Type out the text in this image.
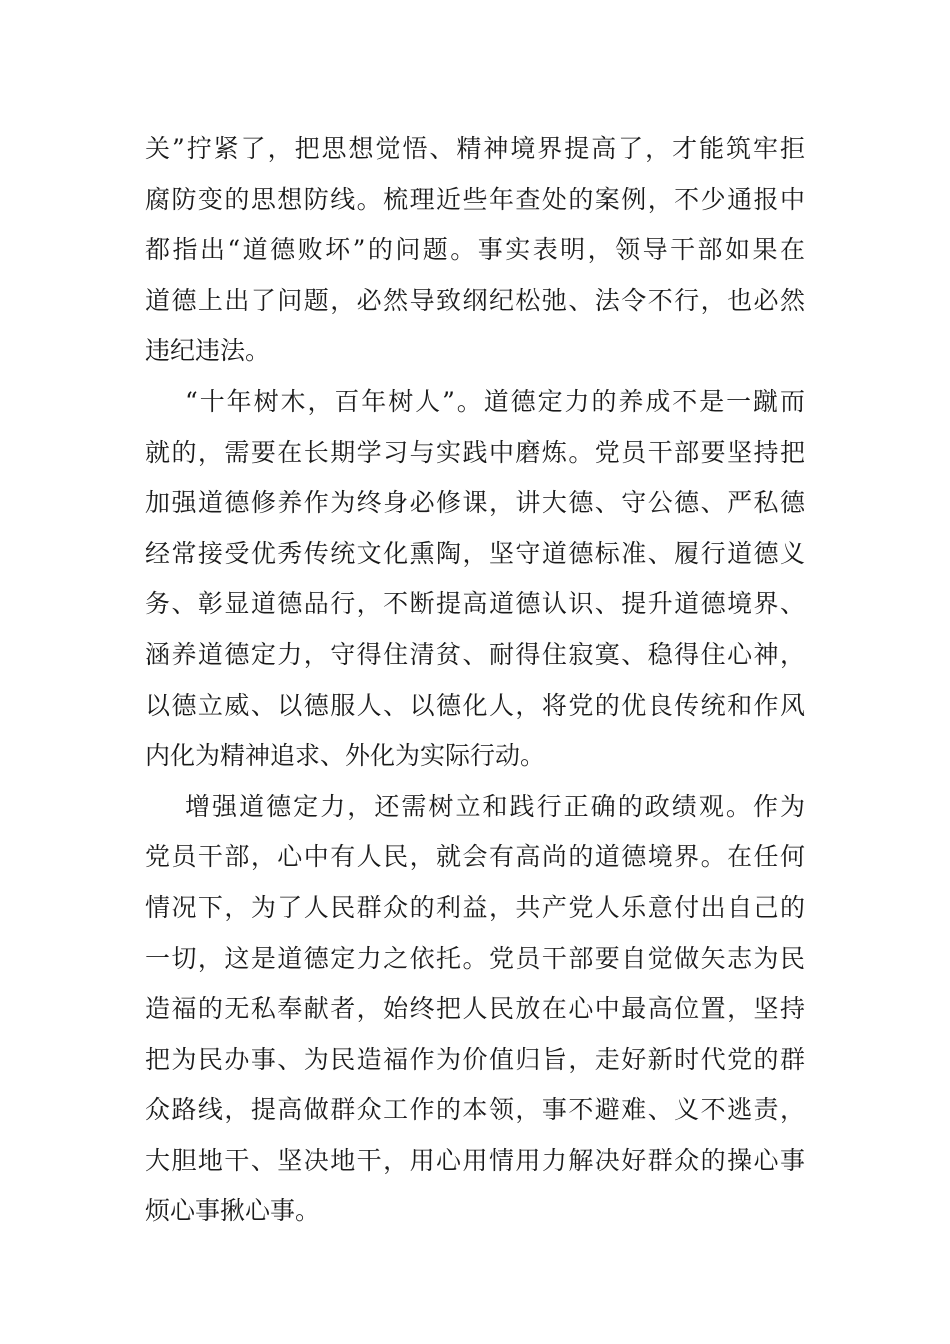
关”拧紧了，把思想觉悟、精神境界提高了，才能筑牢拒
腐防变的思想防线。梳理近些年查处的案例，不少通报中
都指出“道德败坏”的问题。事实表明，领导干部如果在
道德上出了问题，必然导致纲纪松弛、法令不行，也必然
违纪违法。
“十年树木，百年树人”。道德定力的养成不是一蹴而
就的，需要在长期学习与实践中磨炼。党员干部要坚持把
加强道德修养作为终身必修课，讲大德、守公德、严私德
经常接受优秀传统文化熏陶，坚守道德标准、履行道德义
务、彰显道德品行，不断提高道德认识、提升道德境界、
涵养道德定力，守得住清贫、耐得住寂寞、稳得住心神，
以德立威、以德服人、以德化人，将党的优良传统和作风
内化为精神追求、外化为实际行动。
增强道德定力，还需树立和践行正确的政绩观。作为
党员干部，心中有人民，就会有高尚的道德境界。在任何
情况下，为了人民群众的利益，共产党人乐意付出自己的
一切，这是道德定力之依托。党员干部要自觉做矢志为民
造福的无私奉献者，始终把人民放在心中最高位置，坚持
把为民办事、为民造福作为价值归旨，走好新时代党的群
众路线，提高做群众工作的本领，事不避难、义不逃责，
大胆地干、坚决地干，用心用情用力解决好群众的操心事
烦心事揪心事。
